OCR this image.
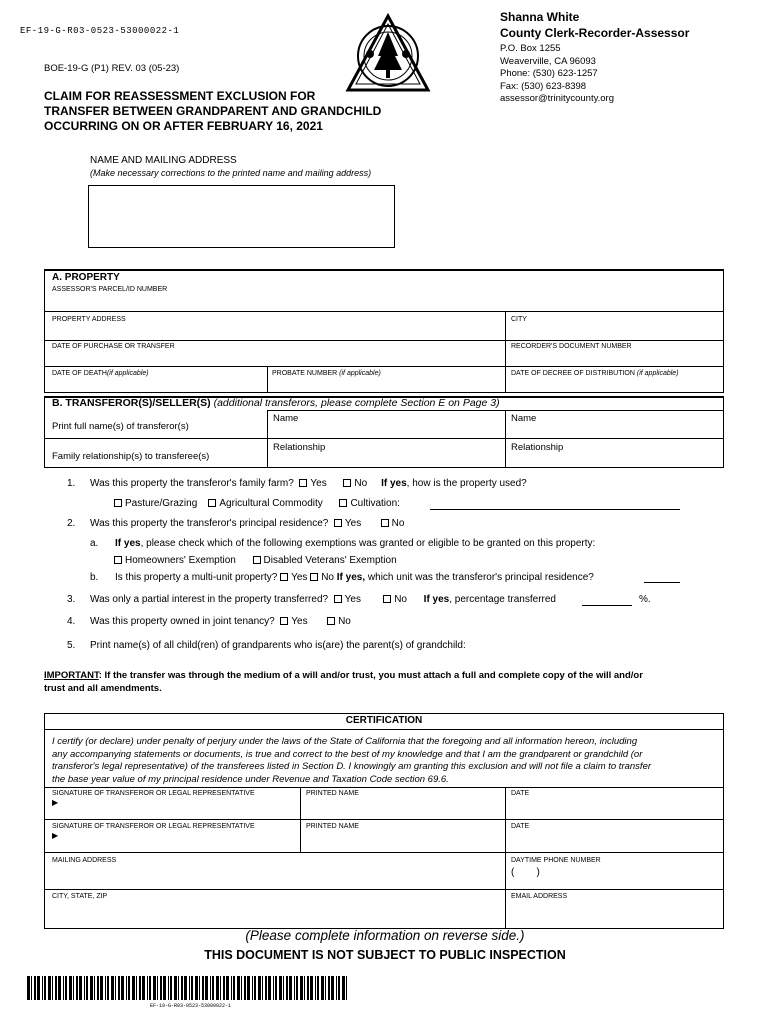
EF-19-G-R03-0523-53000022-1
BOE-19-G (P1) REV. 03 (05-23)
CLAIM FOR REASSESSMENT EXCLUSION FOR
TRANSFER BETWEEN GRANDPARENT AND GRANDCHILD
OCCURRING ON OR AFTER FEBRUARY 16, 2021
Shanna White
County Clerk-Recorder-Assessor
P.O. Box 1255
Weaverville, CA 96093
Phone: (530) 623-1257
Fax: (530) 623-8398
assessor@trinitycounty.org
NAME AND MAILING ADDRESS
(Make necessary corrections to the printed name and mailing address)
A. PROPERTY
ASSESSOR'S PARCEL/ID NUMBER
PROPERTY ADDRESS	CITY
DATE OF PURCHASE OR TRANSFER	RECORDER'S DOCUMENT NUMBER
DATE OF DEATH(if applicable)	PROBATE NUMBER (if applicable)	DATE OF DECREE OF DISTRIBUTION (if applicable)
B. TRANSFEROR(S)/SELLER(S) (additional transferors, please complete Section E on Page 3)
Print full name(s) of transferor(s)
Name	Name
Family relationship(s) to transferee(s)
Relationship	Relationship
1. Was this property the transferor's family farm? Yes	No If yes, how is the property used?
Pasture/Grazing Agricultural Commodity	Cultivation:
2. Was this property the transferor's principal residence? Yes	No
a. If yes, please check which of the following exemptions was granted or eligible to be granted on this property:
Homeowners' Exemption	Disabled Veterans' Exemption
b. Is this property a multi-unit property? Yes No If yes, which unit was the transferor's principal residence?
3. Was only a partial interest in the property transferred? Yes	No If yes, percentage transferred	%.
4. Was this property owned in joint tenancy? Yes	No
5. Print name(s) of all child(ren) of grandparents who is(are) the parent(s) of grandchild:
IMPORTANT: If the transfer was through the medium of a will and/or trust, you must attach a full and complete copy of the will and/or
trust and all amendments.
CERTIFICATION
I certify (or declare) under penalty of perjury under the laws of the State of California that the foregoing and all information hereon, including
any accompanying statements or documents, is true and correct to the best of my knowledge and that I am the grandparent or grandchild (or
transferor's legal representative) of the transferees listed in Section D. I knowingly am granting this exclusion and will not file a claim to transfer
the base year value of my principal residence under Revenue and Taxation Code section 69.6.
SIGNATURE OF TRANSFEROR OR LEGAL REPRESENTATIVE
▶
PRINTED NAME	DATE
SIGNATURE OF TRANSFEROR OR LEGAL REPRESENTATIVE
▶
PRINTED NAME	DATE
MAILING ADDRESS	DAYTIME PHONE NUMBER
(        )
CITY, STATE, ZIP	EMAIL ADDRESS
(Please complete information on reverse side.)
THIS DOCUMENT IS NOT SUBJECT TO PUBLIC INSPECTION
EF-19-G-R03-0523-53000022-1
